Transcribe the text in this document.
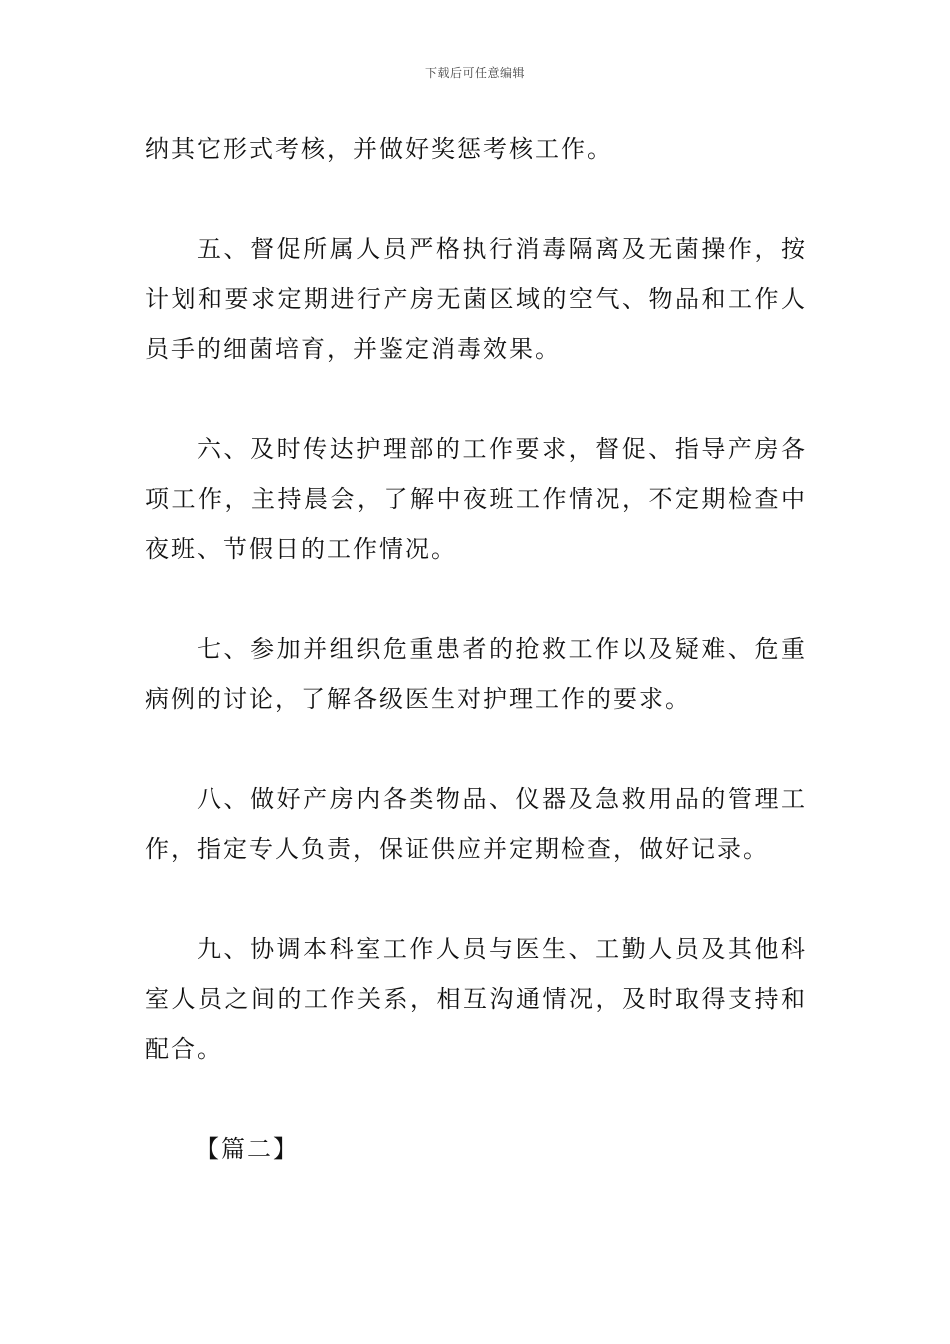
下载后可任意编辑

纳其它形式考核，并做好奖惩考核工作。

五、督促所属人员严格执行消毒隔离及无菌操作，按计划和要求定期进行产房无菌区域的空气、物品和工作人员手的细菌培育，并鉴定消毒效果。

六、及时传达护理部的工作要求，督促、指导产房各项工作，主持晨会，了解中夜班工作情况，不定期检查中夜班、节假日的工作情况。

七、参加并组织危重患者的抢救工作以及疑难、危重病例的讨论，了解各级医生对护理工作的要求。

八、做好产房内各类物品、仪器及急救用品的管理工作，指定专人负责，保证供应并定期检查，做好记录。

九、协调本科室工作人员与医生、工勤人员及其他科室人员之间的工作关系，相互沟通情况，及时取得支持和配合。

【篇二】
